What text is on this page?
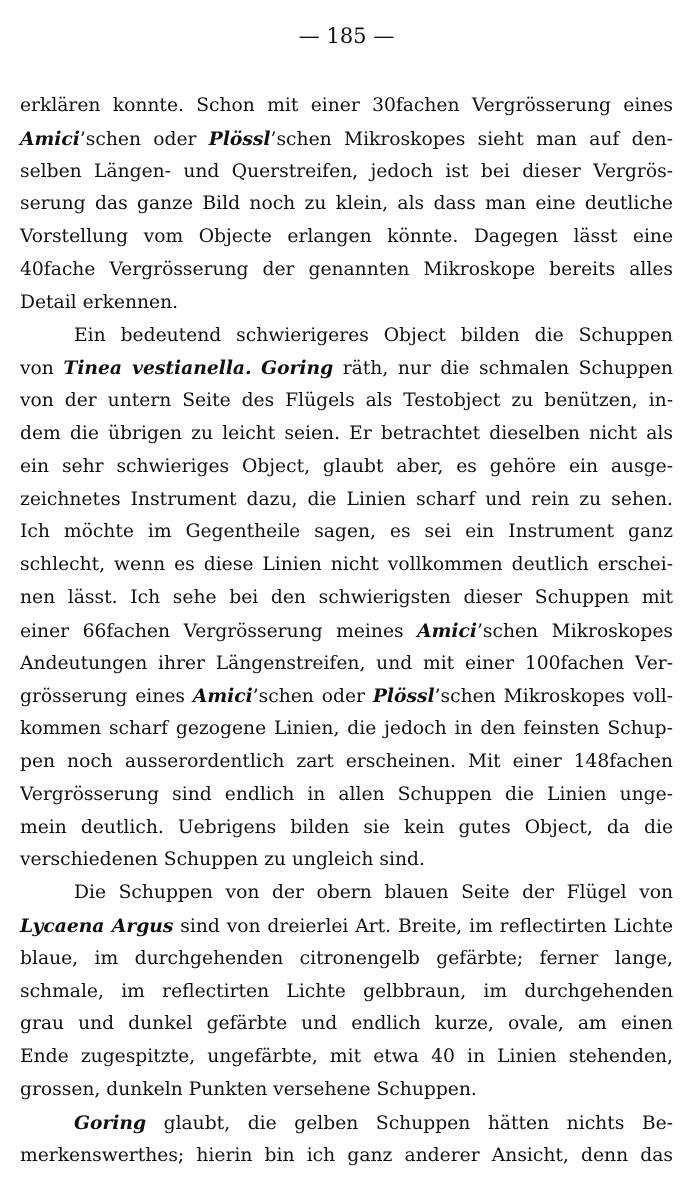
— 185 —
erklären konnte. Schon mit einer 30fachen Vergrösserung eines
Amici’schen oder Plössl’schen Mikroskopes sieht man auf den-
selben Längen- und Querstreifen, jedoch ist bei dieser Vergrös-
serung das ganze Bild noch zu klein, als dass man eine deutliche
Vorstellung vom Objecte erlangen könnte. Dagegen lässt eine
40fache Vergrösserung der genannten Mikroskope bereits alles
Detail erkennen.
Ein bedeutend schwierigeres Object bilden die Schuppen
von Tinea vestianella. Goring räth, nur die schmalen Schuppen
von der untern Seite des Flügels als Testobject zu benützen, in-
dem die übrigen zu leicht seien. Er betrachtet dieselben nicht als
ein sehr schwieriges Object, glaubt aber, es gehöre ein ausge-
zeichnetes Instrument dazu, die Linien scharf und rein zu sehen.
Ich möchte im Gegentheile sagen, es sei ein Instrument ganz
schlecht, wenn es diese Linien nicht vollkommen deutlich erschei-
nen lässt. Ich sehe bei den schwierigsten dieser Schuppen mit
einer 66fachen Vergrösserung meines Amici’schen Mikroskopes
Andeutungen ihrer Längenstreifen, und mit einer 100fachen Ver-
grösserung eines Amici’schen oder Plössl’schen Mikroskopes voll-
kommen scharf gezogene Linien, die jedoch in den feinsten Schup-
pen noch ausserordentlich zart erscheinen. Mit einer 148fachen
Vergrösserung sind endlich in allen Schuppen die Linien unge-
mein deutlich. Uebrigens bilden sie kein gutes Object, da die
verschiedenen Schuppen zu ungleich sind.
Die Schuppen von der obern blauen Seite der Flügel von
Lycaena Argus sind von dreierlei Art. Breite, im reflectirten Lichte
blaue, im durchgehenden citronengelb gefärbte; ferner lange,
schmale, im reflectirten Lichte gelbbraun, im durchgehenden
grau und dunkel gefärbte und endlich kurze, ovale, am einen
Ende zugespitzte, ungefärbte, mit etwa 40 in Linien stehenden,
grossen, dunkeln Punkten versehene Schuppen.
Goring glaubt, die gelben Schuppen hätten nichts Be-
merkenswerthes; hierin bin ich ganz anderer Ansicht, denn das
